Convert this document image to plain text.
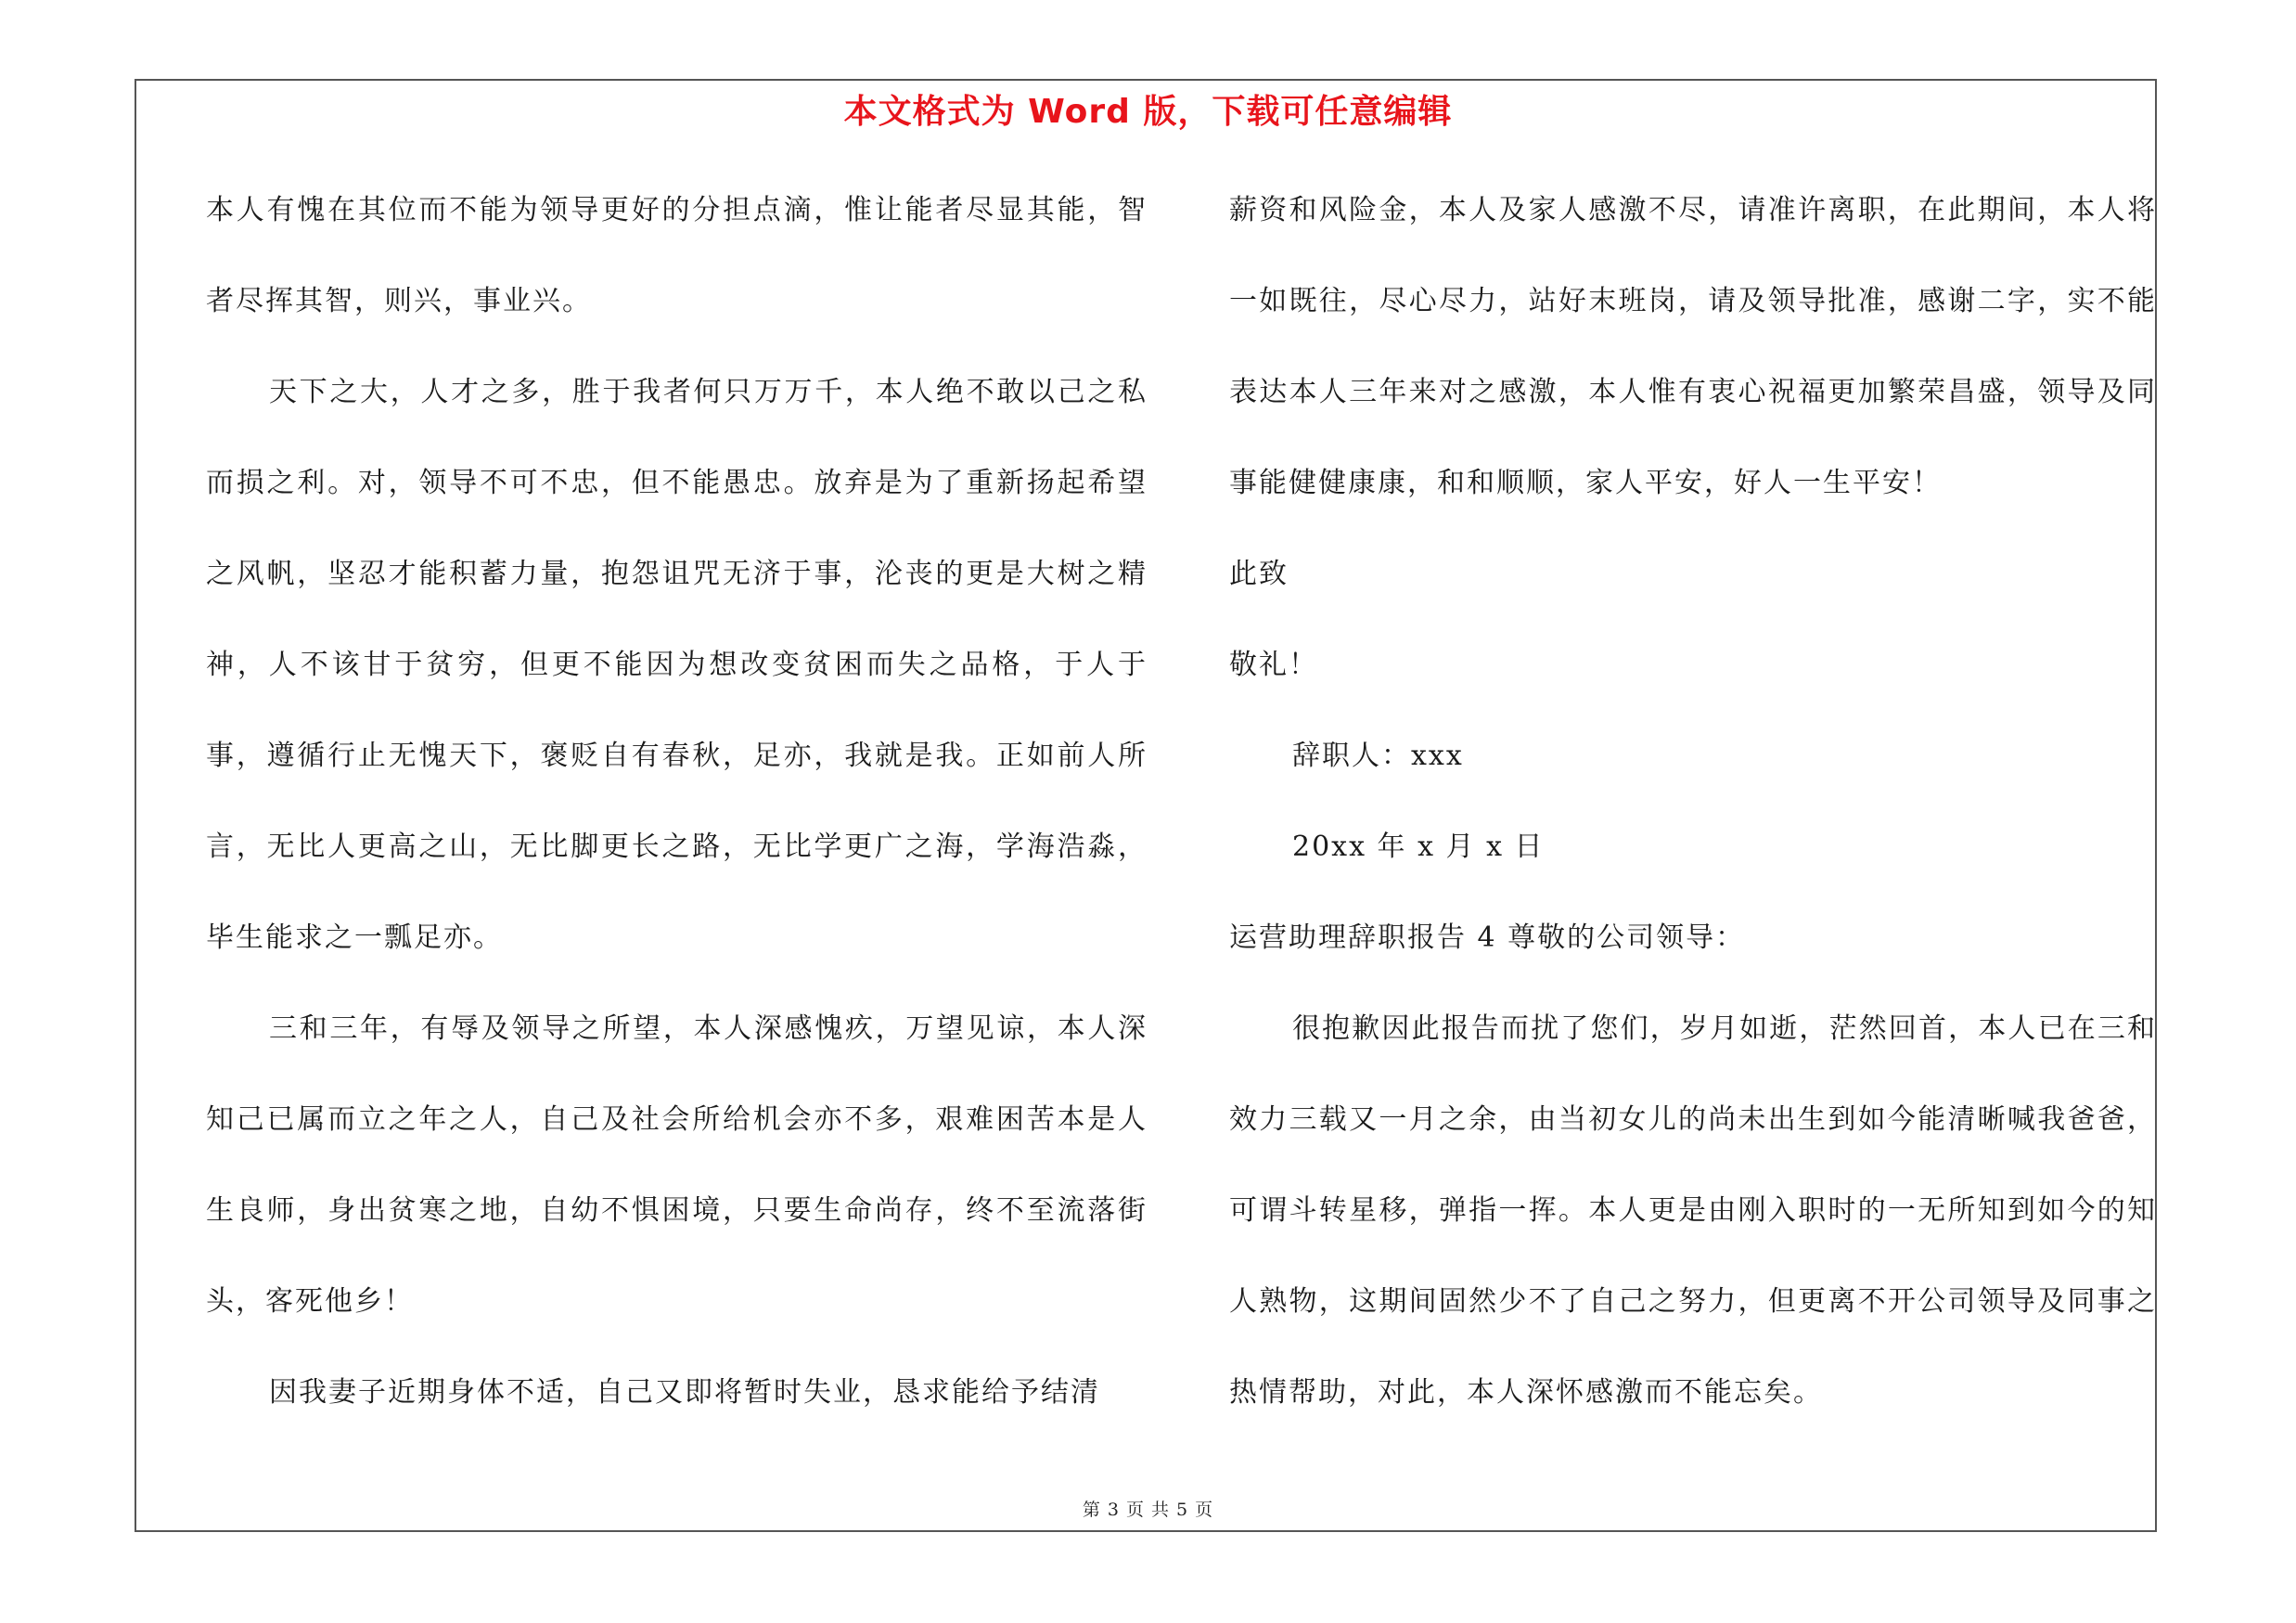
本文格式为 Word 版，下载可任意编辑

本人有愧在其位而不能为领导更好的分担点滴，惟让能者尽显其能，智者尽挥其智，则兴，事业兴。

天下之大，人才之多，胜于我者何只万万千，本人绝不敢以己之私而损之利。对，领导不可不忠，但不能愚忠。放弃是为了重新扬起希望之风帆，坚忍才能积蓄力量，抱怨诅咒无济于事，沦丧的更是大树之精神，人不该甘于贫穷，但更不能因为想改变贫困而失之品格，于人于事，遵循行止无愧天下，褒贬自有春秋，足亦，我就是我。正如前人所言，无比人更高之山，无比脚更长之路，无比学更广之海，学海浩淼，毕生能求之一瓢足亦。

三和三年，有辱及领导之所望，本人深感愧疚，万望见谅，本人深知己已属而立之年之人，自己及社会所给机会亦不多，艰难困苦本是人生良师，身出贫寒之地，自幼不惧困境，只要生命尚存，终不至流落街头，客死他乡！

因我妻子近期身体不适，自己又即将暂时失业，恳求能给予结清

薪资和风险金，本人及家人感激不尽，请准许离职，在此期间，本人将一如既往，尽心尽力，站好末班岗，请及领导批准，感谢二字，实不能表达本人三年来对之感激，本人惟有衷心祝福更加繁荣昌盛，领导及同事能健健康康，和和顺顺，家人平安，好人一生平安！

此致

敬礼！

辞职人：xxx

20xx 年 x 月 x 日

运营助理辞职报告 4 尊敬的公司领导：

很抱歉因此报告而扰了您们，岁月如逝，茫然回首，本人已在三和效力三载又一月之余，由当初女儿的尚未出生到如今能清晰喊我爸爸，可谓斗转星移，弹指一挥。本人更是由刚入职时的一无所知到如今的知人熟物，这期间固然少不了自己之努力，但更离不开公司领导及同事之热情帮助，对此，本人深怀感激而不能忘矣。

第 3 页 共 5 页
